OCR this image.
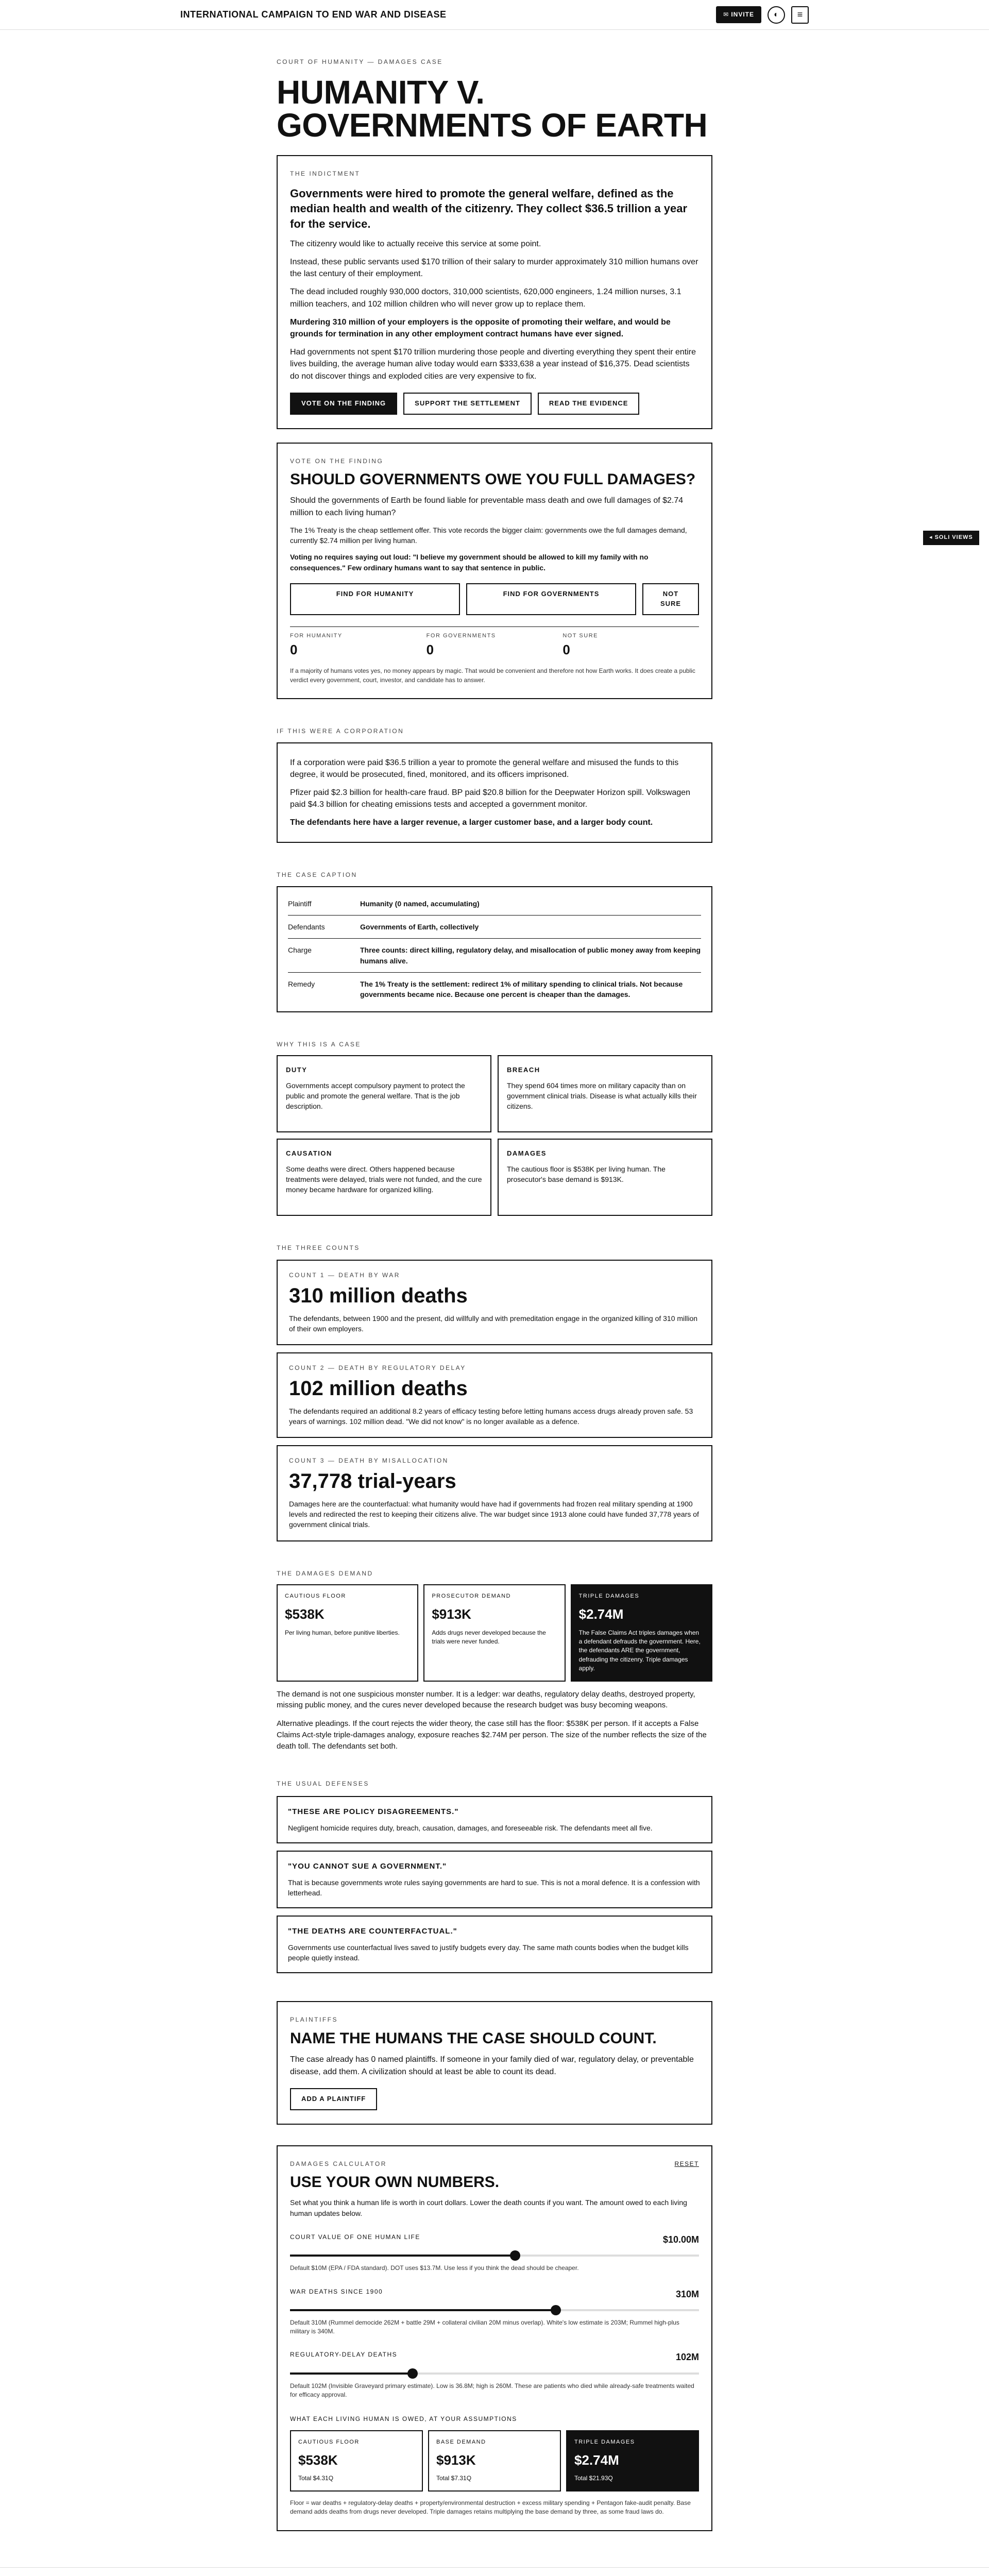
INTERNATIONAL CAMPAIGN TO END WAR AND DISEASE	✉ INVITE	◐	≡
◂ SOLI VIEWS
COURT OF HUMANITY — DAMAGES CASE
HUMANITY V. GOVERNMENTS OF EARTH
THE INDICTMENT
Governments were hired to promote the general welfare, defined as the median health and wealth of the citizenry. They collect $36.5 trillion a year for the service.

The citizenry would like to actually receive this service at some point.

Instead, these public servants used $170 trillion of their salary to murder approximately 310 million humans over the last century of their employment.

The dead included roughly 930,000 doctors, 310,000 scientists, 620,000 engineers, 1.24 million nurses, 3.1 million teachers, and 102 million children who will never grow up to replace them.

Murdering 310 million of your employers is the opposite of promoting their welfare, and would be grounds for termination in any other employment contract humans have ever signed.

Had governments not spent $170 trillion murdering those people and diverting everything they spent their entire lives building, the average human alive today would earn $333,638 a year instead of $16,375. Dead scientists do not discover things and exploded cities are very expensive to fix.

VOTE ON THE FINDING	SUPPORT THE SETTLEMENT	READ THE EVIDENCE
VOTE ON THE FINDING
SHOULD GOVERNMENTS OWE YOU FULL DAMAGES?

Should the governments of Earth be found liable for preventable mass death and owe full damages of $2.74 million to each living human?

The 1% Treaty is the cheap settlement offer. This vote records the bigger claim: governments owe the full damages demand, currently $2.74 million per living human.

Voting no requires saying out loud: "I believe my government should be allowed to kill my family with no consequences." Few ordinary humans want to say that sentence in public.

FIND FOR HUMANITY	FIND FOR GOVERNMENTS	NOT SURE
FOR HUMANITY
0
FOR GOVERNMENTS
0
NOT SURE
0
If a majority of humans votes yes, no money appears by magic. That would be convenient and therefore not how Earth works. It does create a public verdict every government, court, investor, and candidate has to answer.
IF THIS WERE A CORPORATION

If a corporation were paid $36.5 trillion a year to promote the general welfare and misused the funds to this degree, it would be prosecuted, fined, monitored, and its officers imprisoned.

Pfizer paid $2.3 billion for health-care fraud. BP paid $20.8 billion for the Deepwater Horizon spill. Volkswagen paid $4.3 billion for cheating emissions tests and accepted a government monitor.

The defendants here have a larger revenue, a larger customer base, and a larger body count.

THE CASE CAPTION
Plaintiff	Humanity (0 named, accumulating)
Defendants	Governments of Earth, collectively
Charge	Three counts: direct killing, regulatory delay, and misallocation of public money away from keeping humans alive.
Remedy	The 1% Treaty is the settlement: redirect 1% of military spending to clinical trials. Not because governments became nice. Because one percent is cheaper than the damages.
WHY THIS IS A CASE
DUTY

Governments accept compulsory payment to protect the public and promote the general welfare. That is the job description.

BREACH

They spend 604 times more on military capacity than on government clinical trials. Disease is what actually kills their citizens.

CAUSATION

Some deaths were direct. Others happened because treatments were delayed, trials were not funded, and the cure money became hardware for organized killing.

DAMAGES

The cautious floor is $538K per living human. The prosecutor's base demand is $913K.

THE THREE COUNTS
COUNT 1 — DEATH BY WAR
310 million deaths

The defendants, between 1900 and the present, did willfully and with premeditation engage in the organized killing of 310 million of their own employers.

COUNT 2 — DEATH BY REGULATORY DELAY
102 million deaths

The defendants required an additional 8.2 years of efficacy testing before letting humans access drugs already proven safe. 53 years of warnings. 102 million dead. "We did not know" is no longer available as a defence.

COUNT 3 — DEATH BY MISALLOCATION
37,778 trial-years

Damages here are the counterfactual: what humanity would have had if governments had frozen real military spending at 1900 levels and redirected the rest to keeping their citizens alive. The war budget since 1913 alone could have funded 37,778 years of government clinical trials.

THE DAMAGES DEMAND
CAUTIOUS FLOOR
$538K

Per living human, before punitive liberties.

PROSECUTOR DEMAND
$913K

Adds drugs never developed because the trials were never funded.

TRIPLE DAMAGES
$2.74M

The False Claims Act triples damages when a defendant defrauds the government. Here, the defendants ARE the government, defrauding the citizenry. Triple damages apply.

The demand is not one suspicious monster number. It is a ledger: war deaths, regulatory delay deaths, destroyed property, missing public money, and the cures never developed because the research budget was busy becoming weapons.

Alternative pleadings. If the court rejects the wider theory, the case still has the floor: $538K per person. If it accepts a False Claims Act-style triple-damages analogy, exposure reaches $2.74M per person. The size of the number reflects the size of the death toll. The defendants set both.

THE USUAL DEFENSES
"THESE ARE POLICY DISAGREEMENTS."

Negligent homicide requires duty, breach, causation, damages, and foreseeable risk. The defendants meet all five.

"YOU CANNOT SUE A GOVERNMENT."

That is because governments wrote rules saying governments are hard to sue. This is not a moral defence. It is a confession with letterhead.

"THE DEATHS ARE COUNTERFACTUAL."

Governments use counterfactual lives saved to justify budgets every day. The same math counts bodies when the budget kills people quietly instead.

PLAINTIFFS
NAME THE HUMANS THE CASE SHOULD COUNT.

The case already has 0 named plaintiffs. If someone in your family died of war, regulatory delay, or preventable disease, add them. A civilization should at least be able to count its dead.

ADD A PLAINTIFF
DAMAGES CALCULATOR	RESET
USE YOUR OWN NUMBERS.

Set what you think a human life is worth in court dollars. Lower the death counts if you want. The amount owed to each living human updates below.

COURT VALUE OF ONE HUMAN LIFE	$10.00M
Default $10M (EPA / FDA standard). DOT uses $13.7M. Use less if you think the dead should be cheaper.
WAR DEATHS SINCE 1900	310M
Default 310M (Rummel democide 262M + battle 29M + collateral civilian 20M minus overlap). White's low estimate is 203M; Rummel high-plus military is 340M.
REGULATORY-DELAY DEATHS	102M
Default 102M (Invisible Graveyard primary estimate). Low is 36.8M; high is 260M. These are patients who died while already-safe treatments waited for efficacy approval.
WHAT EACH LIVING HUMAN IS OWED, AT YOUR ASSUMPTIONS
CAUTIOUS FLOOR
$538K

Total $4.31Q

BASE DEMAND
$913K

Total $7.31Q

TRIPLE DAMAGES
$2.74M

Total $21.93Q

Floor = war deaths + regulatory-delay deaths + property/environmental destruction + excess military spending + Pentagon fake-audit penalty. Base demand adds deaths from drugs never developed. Triple damages retains multiplying the base demand by three, as some fraud laws do.
